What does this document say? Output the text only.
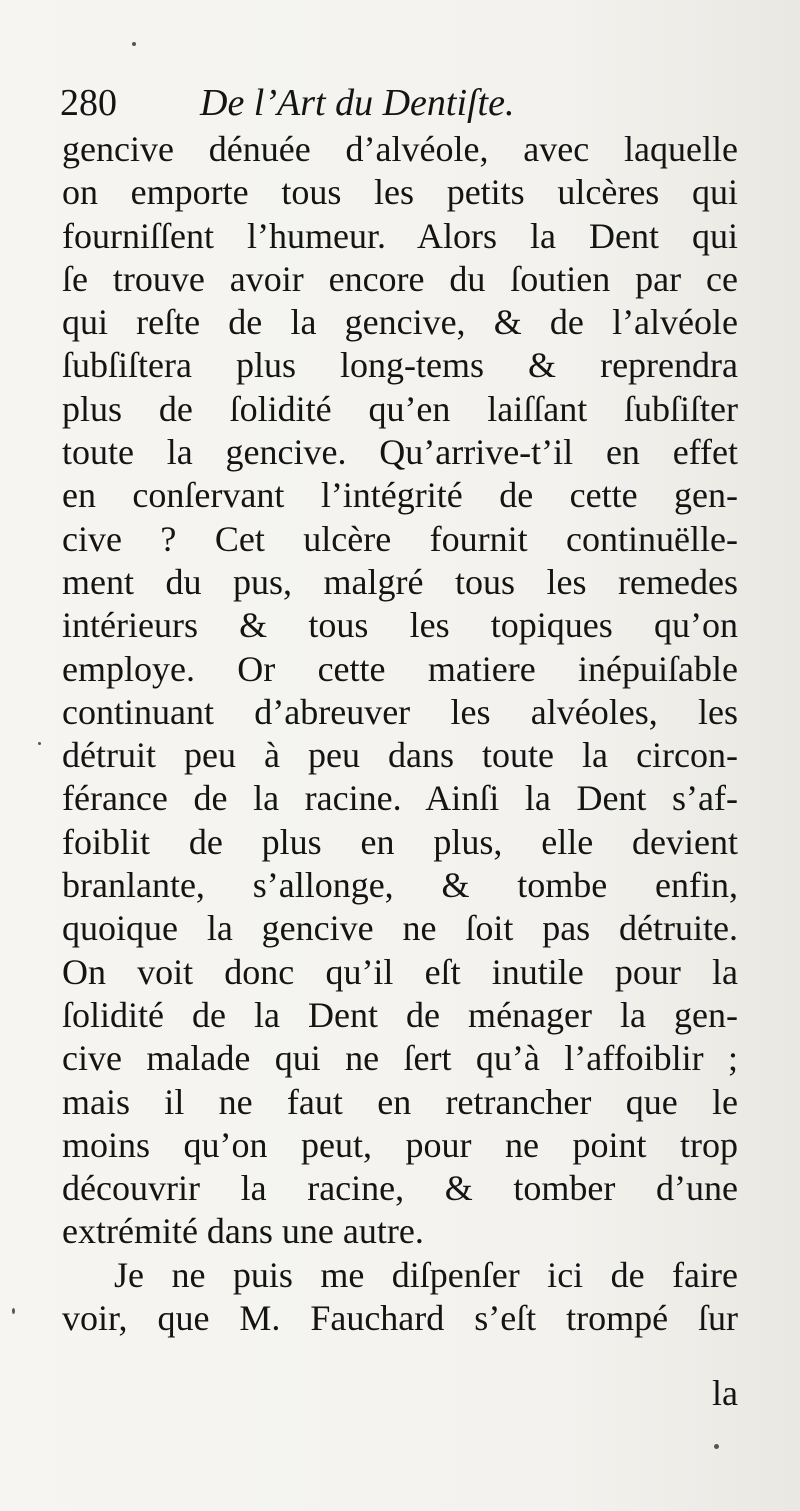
280 De l’Art du Dentiſte.
gencive dénuée d’alvéole, avec laquelle
on emporte tous les petits ulcères qui
fourniſſent l’humeur. Alors la Dent qui
ſe trouve avoir encore du ſoutien par ce
qui reſte de la gencive, & de l’alvéole
ſubſiſtera plus long-tems & reprendra
plus de ſolidité qu’en laiſſant ſubſiſter
toute la gencive. Qu’arrive-t’il en effet
en conſervant l’intégrité de cette gen-
cive ? Cet ulcère fournit continuëlle-
ment du pus, malgré tous les remedes
intérieurs & tous les topiques qu’on
employe. Or cette matiere inépuiſable
continuant d’abreuver les alvéoles, les
détruit peu à peu dans toute la circon-
férance de la racine. Ainſi la Dent s’af-
foiblit de plus en plus, elle devient
branlante, s’allonge, & tombe enfin,
quoique la gencive ne ſoit pas détruite.
On voit donc qu’il eſt inutile pour la
ſolidité de la Dent de ménager la gen-
cive malade qui ne ſert qu’à l’affoiblir ;
mais il ne faut en retrancher que le
moins qu’on peut, pour ne point trop
découvrir la racine, & tomber d’une
extrémité dans une autre.
Je ne puis me diſpenſer ici de faire
voir, que M. Fauchard s’eſt trompé ſur
la
